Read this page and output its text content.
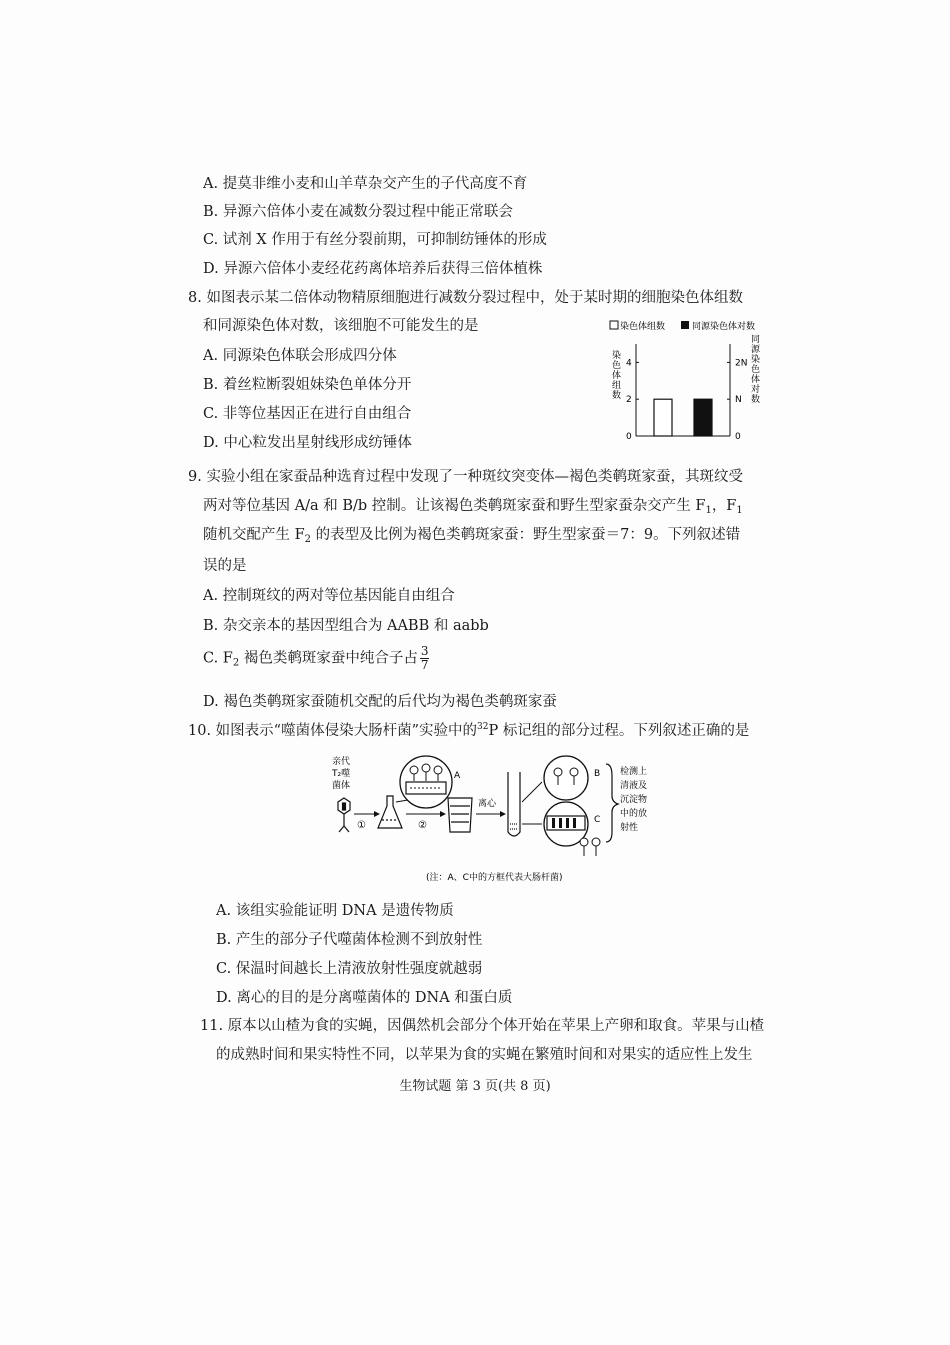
A. 提莫非维小麦和山羊草杂交产生的子代高度不育
B. 异源六倍体小麦在减数分裂过程中能正常联会
C. 试剂 X 作用于有丝分裂前期，可抑制纺锤体的形成
D. 异源六倍体小麦经花药离体培养后获得三倍体植株
8. 如图表示某二倍体动物精原细胞进行减数分裂过程中，处于某时期的细胞染色体组数
和同源染色体对数，该细胞不可能发生的是
A. 同源染色体联会形成四分体
B. 着丝粒断裂姐妹染色单体分开
C. 非等位基因正在进行自由组合
D. 中心粒发出星射线形成纺锤体
染色体组数	同源染色体对数
染
色
体
组
数
同
源
染
色
体
对
数
0	0
2	N
4	2N
9. 实验小组在家蚕品种选育过程中发现了一种斑纹突变体—褐色类鹌斑家蚕，其斑纹受
两对等位基因 A/a 和 B/b 控制。让该褐色类鹌斑家蚕和野生型家蚕杂交产生 $F_1$，$F_1$
随机交配产生 $F_2$ 的表型及比例为褐色类鹌斑家蚕：野生型家蚕＝7：9。下列叙述错
误的是
A. 控制斑纹的两对等位基因能自由组合
B. 杂交亲本的基因型组合为 AABB 和 aabb
C. $F_2$ 褐色类鹌斑家蚕中纯合子占 $\frac{3}{7}$
D. 褐色类鹌斑家蚕随机交配的后代均为褐色类鹌斑家蚕
10. 如图表示“噬菌体侵染大肠杆菌”实验中的$^{32}$P 标记组的部分过程。下列叙述正确的是
亲代
T₂噬
菌体
①
A
②
离心
B
C
检测上
清液及
沉淀物
中的放
射性
(注：A、C中的方框代表大肠杆菌)
A. 该组实验能证明 DNA 是遗传物质
B. 产生的部分子代噬菌体检测不到放射性
C. 保温时间越长上清液放射性强度就越弱
D. 离心的目的是分离噬菌体的 DNA 和蛋白质
11. 原本以山楂为食的实蝇，因偶然机会部分个体开始在苹果上产卵和取食。苹果与山楂
的成熟时间和果实特性不同，以苹果为食的实蝇在繁殖时间和对果实的适应性上发生
生物试题 第 3 页(共 8 页)
